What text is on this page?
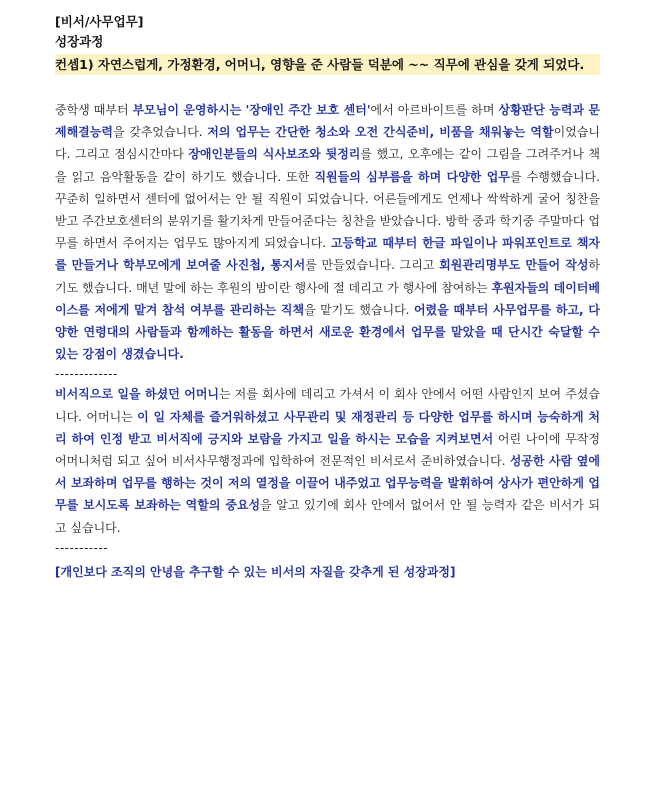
[비서/사무업무]
성장과정
컨셉1) 자연스럽게, 가정환경, 어머니, 영향을 준 사람들 덕분에 ~~ 직무에 관심을 갖게 되었다.

중학생 때부터 부모님이 운영하시는 '장애인 주간 보호 센터'에서 아르바이트를 하며 상황판단 능력과 문제해결능력을 갖추었습니다. 저의 업무는 간단한 청소와 오전 간식준비, 비품을 채워놓는 역할이었습니다. 그리고 점심시간마다 장애인분들의 식사보조와 뒷정리를 했고, 오후에는 같이 그림을 그려주거나 책을 읽고 음악활동을 같이 하기도 했습니다. 또한 직원들의 심부름을 하며 다양한 업무를 수행했습니다. 꾸준히 일하면서 센터에 없어서는 안 될 직원이 되었습니다. 어른들에게도 언제나 싹싹하게 굴어 칭찬을 받고 주간보호센터의 분위기를 활기차게 만들어준다는 칭찬을 받았습니다. 방학 중과 학기중 주말마다 업무를 하면서 주어지는 업무도 많아지게 되었습니다. 고등학교 때부터 한글 파일이나 파워포인트로 책자를 만들거나 학부모에게 보여줄 사진첩, 통지서를 만들었습니다. 그리고 회원관리명부도 만들어 작성하기도 했습니다. 매년 말에 하는 후원의 밤이란 행사에 절 데리고 가 행사에 참여하는 후원자들의 데이터베이스를 저에게 맡겨 참석 여부를 관리하는 직책을 맡기도 했습니다. 어렸을 때부터 사무업무를 하고, 다양한 연령대의 사람들과 함께하는 활동을 하면서 새로운 환경에서 업무를 맡았을 때 단시간 숙달할 수 있는 강점이 생겼습니다.

-------------

비서직으로 일을 하셨던 어머니는 저를 회사에 데리고 가셔서 이 회사 안에서 어떤 사람인지 보여 주셨습니다. 어머니는 이 일 자체를 즐거워하셨고 사무관리 및 재정관리 등 다양한 업무를 하시며 능숙하게 처리 하여 인정 받고 비서직에 긍지와 보람을 가지고 일을 하시는 모습을 지켜보면서 어린 나이에 무작정 어머니처럼 되고 싶어 비서사무행정과에 입학하여 전문적인 비서로서 준비하였습니다. 성공한 사람 옆에서 보좌하며 업무를 행하는 것이 저의 열정을 이끌어 내주었고 업무능력을 발휘하여 상사가 편안하게 업무를 보시도록 보좌하는 역할의 중요성을 알고 있기에 회사 안에서 없어서 안 될 능력자 같은 비서가 되고 싶습니다.

-----------
[개인보다 조직의 안녕을 추구할 수 있는 비서의 자질을 갖추게 된 성장과정]
